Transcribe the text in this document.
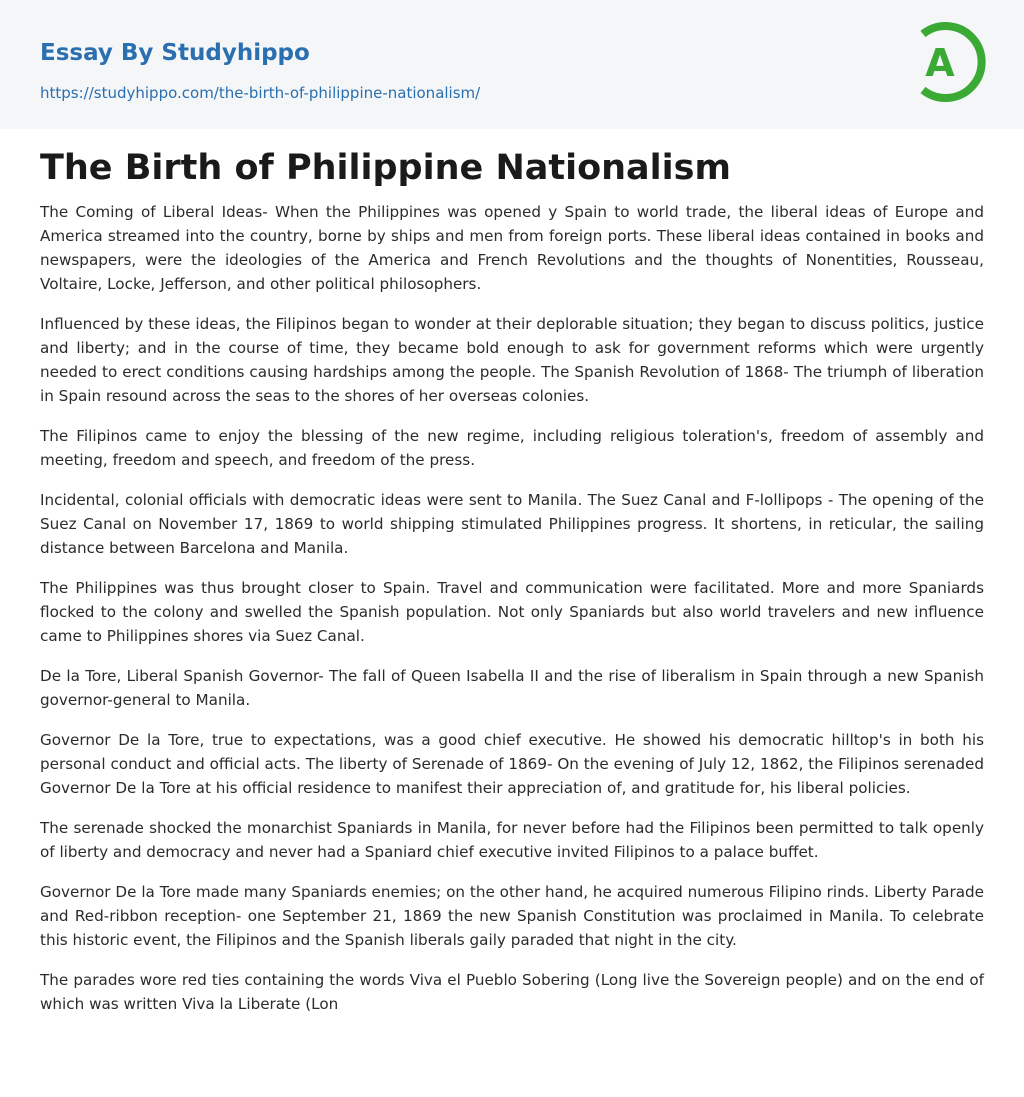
Essay By Studyhippo
https://studyhippo.com/the-birth-of-philippine-nationalism/
A
The Birth of Philippine Nationalism

The Coming of Liberal Ideas- When the Philippines was opened y Spain to world trade, the liberal ideas of Europe and America streamed into the country, borne by ships and men from foreign ports. These liberal ideas contained in books and newspapers, were the ideologies of the America and French Revolutions and the thoughts of Nonentities, Rousseau, Voltaire, Locke, Jefferson, and other political philosophers.

Influenced by these ideas, the Filipinos began to wonder at their deplorable situation; they began to discuss politics, justice and liberty; and in the course of time, they became bold enough to ask for government reforms which were urgently needed to erect conditions causing hardships among the people. The Spanish Revolution of 1868- The triumph of liberation in Spain resound across the seas to the shores of her overseas colonies.

The Filipinos came to enjoy the blessing of the new regime, including religious toleration's, freedom of assembly and meeting, freedom and speech, and freedom of the press.

Incidental, colonial officials with democratic ideas were sent to Manila. The Suez Canal and F-lollipops - The opening of the Suez Canal on November 17, 1869 to world shipping stimulated Philippines progress. It shortens, in reticular, the sailing distance between Barcelona and Manila.

The Philippines was thus brought closer to Spain. Travel and communication were facilitated. More and more Spaniards flocked to the colony and swelled the Spanish population. Not only Spaniards but also world travelers and new influence came to Philippines shores via Suez Canal.

De la Tore, Liberal Spanish Governor- The fall of Queen Isabella II and the rise of liberalism in Spain through a new Spanish governor-general to Manila.

Governor De la Tore, true to expectations, was a good chief executive. He showed his democratic hilltop's in both his personal conduct and official acts. The liberty of Serenade of 1869- On the evening of July 12, 1862, the Filipinos serenaded Governor De la Tore at his official residence to manifest their appreciation of, and gratitude for, his liberal policies.

The serenade shocked the monarchist Spaniards in Manila, for never before had the Filipinos been permitted to talk openly of liberty and democracy and never had a Spaniard chief executive invited Filipinos to a palace buffet.

Governor De la Tore made many Spaniards enemies; on the other hand, he acquired numerous Filipino rinds. Liberty Parade and Red-ribbon reception- one September 21, 1869 the new Spanish Constitution was proclaimed in Manila. To celebrate this historic event, the Filipinos and the Spanish liberals gaily paraded that night in the city.

The parades wore red ties containing the words Viva el Pueblo Sobering (Long live the Sovereign people) and on the end of which was written Viva la Liberate (Lon
